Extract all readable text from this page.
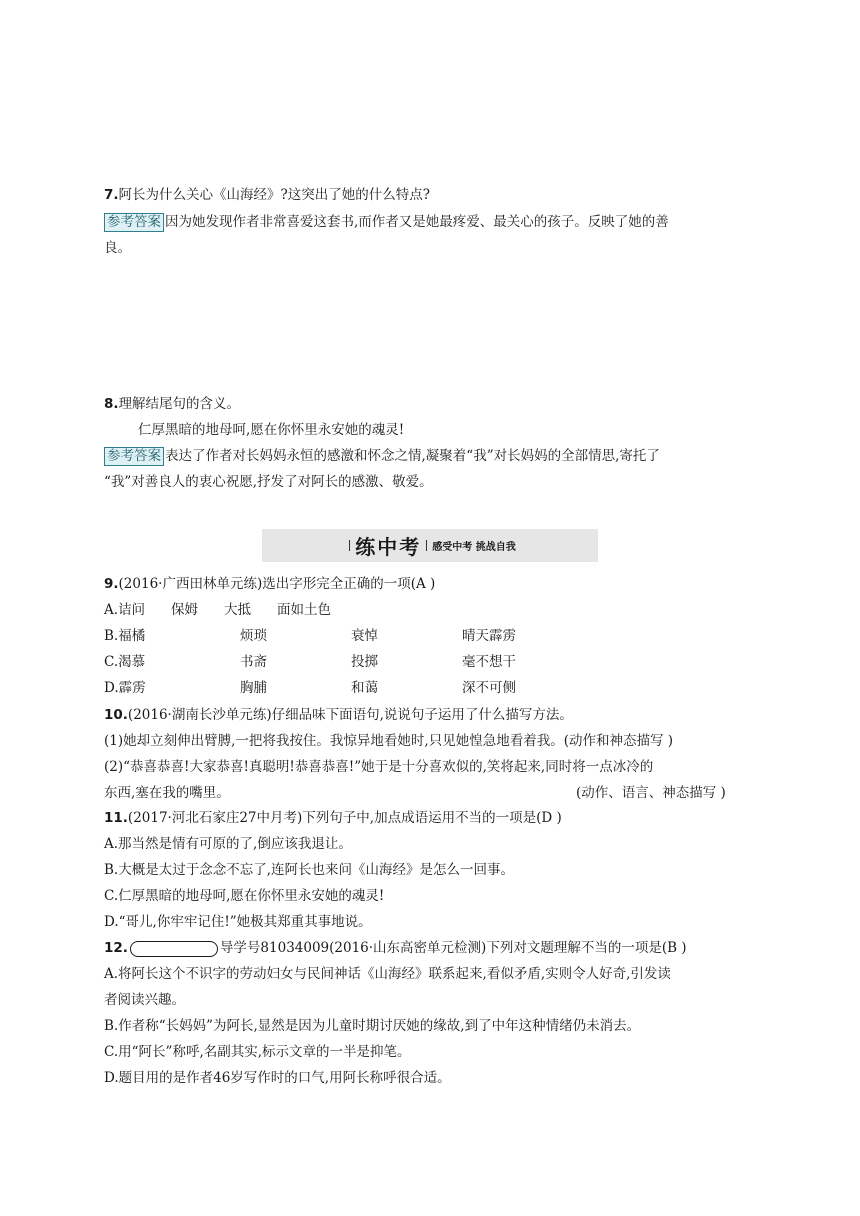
7.阿长为什么关心《山海经》?这突出了她的什么特点?
参考答案 因为她发现作者非常喜爱这套书,而作者又是她最疼爱、最关心的孩子。反映了她的善
良。
8.理解结尾句的含义。
仁厚黑暗的地母呵,愿在你怀里永安她的魂灵!
参考答案 表达了作者对长妈妈永恒的感激和怀念之情,凝聚着“我”对长妈妈的全部情思,寄托了
“我”对善良人的衷心祝愿,抒发了对阿长的感激、敬爱。
练中考 感受中考 挑战自我
9.(2016·广西田林单元练)选出字形完全正确的一项(A )
A.诘问 保姆 大抵 面如土色
B.福橘	烦琐	衰悼	晴天霹雳
C.渴慕	书斋	投掷	毫不想干
D.霹雳	胸脯	和蔼	深不可侧
10.(2016·湖南长沙单元练)仔细品味下面语句,说说句子运用了什么描写方法。
(1)她却立刻伸出臂膊,一把将我按住。我惊异地看她时,只见她惶急地看着我。(动作和神态描写 )
(2)“恭喜恭喜!大家恭喜!真聪明!恭喜恭喜!”她于是十分喜欢似的,笑将起来,同时将一点冰冷的
东西,塞在我的嘴里。	(动作、语言、神态描写 )
11.(2017·河北石家庄27中月考)下列句子中,加点成语运用不当的一项是(D )
A.那当然是情有可原的了,倒应该我退让。
B.大概是太过于念念不忘了,连阿长也来问《山海经》是怎么一回事。
C.仁厚黑暗的地母呵,愿在你怀里永安她的魂灵!
D.“哥儿,你牢牢记住!”她极其郑重其事地说。
12.	导学号81034009(2016·山东高密单元检测)下列对文题理解不当的一项是(B )
A.将阿长这个不识字的劳动妇女与民间神话《山海经》联系起来,看似矛盾,实则令人好奇,引发读
者阅读兴趣。
B.作者称“长妈妈”为阿长,显然是因为儿童时期讨厌她的缘故,到了中年这种情绪仍未消去。
C.用“阿长”称呼,名副其实,标示文章的一半是抑笔。
D.题目用的是作者46岁写作时的口气,用阿长称呼很合适。
